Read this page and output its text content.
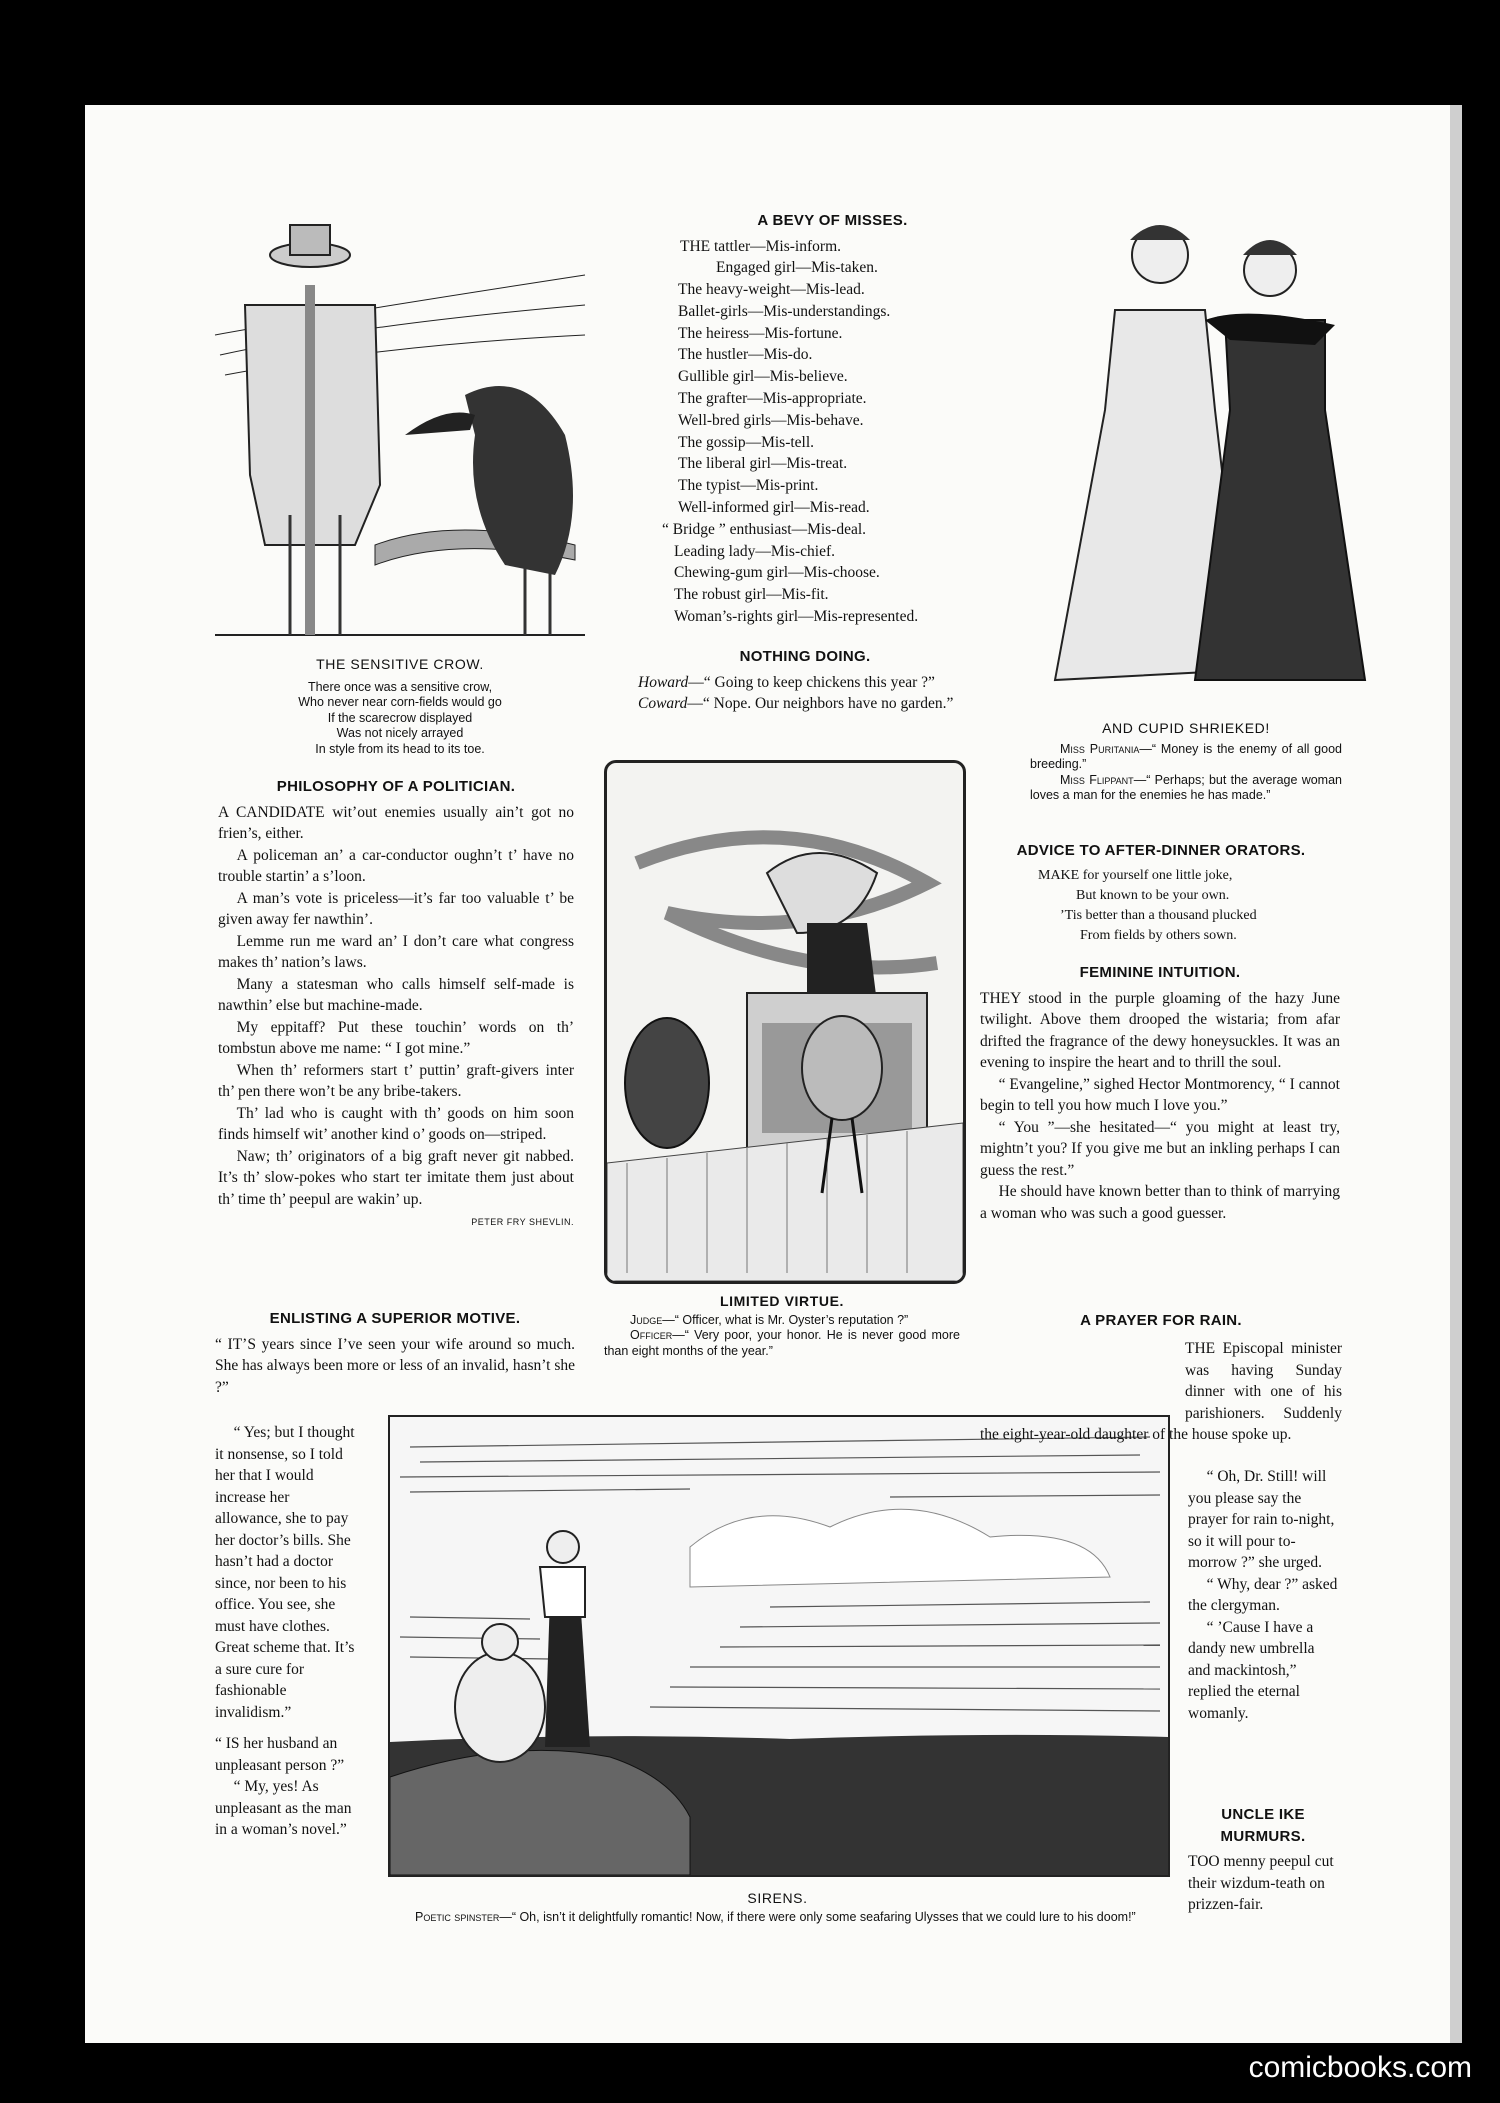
THE SENSITIVE CROW.
There once was a sensitive crow,
Who never near corn-fields would go
If the scarecrow displayed
Was not nicely arrayed
In style from its head to its toe.
A BEVY OF MISSES.
THE tattler—Mis-inform.
Engaged girl—Mis-taken.
The heavy-weight—Mis-lead.
Ballet-girls—Mis-understandings.
The heiress—Mis-fortune.
The hustler—Mis-do.
Gullible girl—Mis-believe.
The grafter—Mis-appropriate.
Well-bred girls—Mis-behave.
The gossip—Mis-tell.
The liberal girl—Mis-treat.
The typist—Mis-print.
Well-informed girl—Mis-read.
“ Bridge ” enthusiast—Mis-deal.
Leading lady—Mis-chief.
Chewing-gum girl—Mis-choose.
The robust girl—Mis-fit.
Woman’s-rights girl—Mis-represented.
NOTHING DOING.

Howard—“ Going to keep chickens this year ?”

Coward—“ Nope. Our neighbors have no garden.”

AND CUPID SHRIEKED!
Miss Puritania—“ Money is the enemy of all good breeding.”
Miss Flippant—“ Perhaps; but the average woman loves a man for the enemies he has made.”
PHILOSOPHY OF A POLITICIAN.

A CANDIDATE wit’out enemies usually ain’t got no frien’s, either.

A policeman an’ a car-conductor oughn’t t’ have no trouble startin’ a s’loon.

A man’s vote is priceless—it’s far too valuable t’ be given away fer nawthin’.

Lemme run me ward an’ I don’t care what congress makes th’ nation’s laws.

Many a statesman who calls himself self-made is nawthin’ else but machine-made.

My eppitaff? Put these touchin’ words on th’ tombstun above me name: “ I got mine.”

When th’ reformers start t’ puttin’ graft-givers inter th’ pen there won’t be any bribe-takers.

Th’ lad who is caught with th’ goods on him soon finds himself wit’ another kind o’ goods on—striped.

Naw; th’ originators of a big graft never git nabbed. It’s th’ slow-pokes who start ter imitate them just about th’ time th’ peepul are wakin’ up.

PETER FRY SHEVLIN.
LIMITED VIRTUE.
Judge—“ Officer, what is Mr. Oyster’s reputation ?”
Officer—“ Very poor, your honor. He is never good more than eight months of the year.”
ADVICE TO AFTER-DINNER ORATORS.
MAKE for yourself one little joke,
But known to be your own.
’Tis better than a thousand plucked
From fields by others sown.
FEMININE INTUITION.

THEY stood in the purple gloaming of the hazy June twilight. Above them drooped the wistaria; from afar drifted the fragrance of the dewy honeysuckles. It was an evening to inspire the heart and to thrill the soul.

“ Evangeline,” sighed Hector Montmorency, “ I cannot begin to tell you how much I love you.”

“ You ”—she hesitated—“ you might at least try, mightn’t you? If you give me but an inkling perhaps I can guess the rest.”

He should have known better than to think of marrying a woman who was such a good guesser.

ENLISTING A SUPERIOR MOTIVE.

“ IT’S years since I’ve seen your wife around so much. She has always been more or less of an invalid, hasn’t she ?”

“ Yes; but I thought it nonsense, so I told her that I would increase her allowance, she to pay her doctor’s bills. She hasn’t had a doctor since, nor been to his office. You see, she must have clothes. Great scheme that. It’s a sure cure for fashionable invalidism.”

“ IS her husband an unpleasant person ?”

“ My, yes! As unpleasant as the man in a woman’s novel.”

SIRENS.
Poetic spinster—“ Oh, isn’t it delightfully romantic! Now, if there were only some seafaring Ulysses that we could lure to his doom!”
A PRAYER FOR RAIN.

THE Episcopal minister was having Sunday dinner with one of his parishioners. Suddenly the eight-year-old daughter of the house spoke up.

“ Oh, Dr. Still! will you please say the prayer for rain to-night, so it will pour to-morrow ?” she urged.

“ Why, dear ?” asked the clergyman.

“ ’Cause I have a dandy new umbrella and mackintosh,” replied the eternal womanly.

UNCLE IKE MURMURS.

TOO menny peepul cut their wizdum-teath on prizzen-fair.

comicbooks.com
